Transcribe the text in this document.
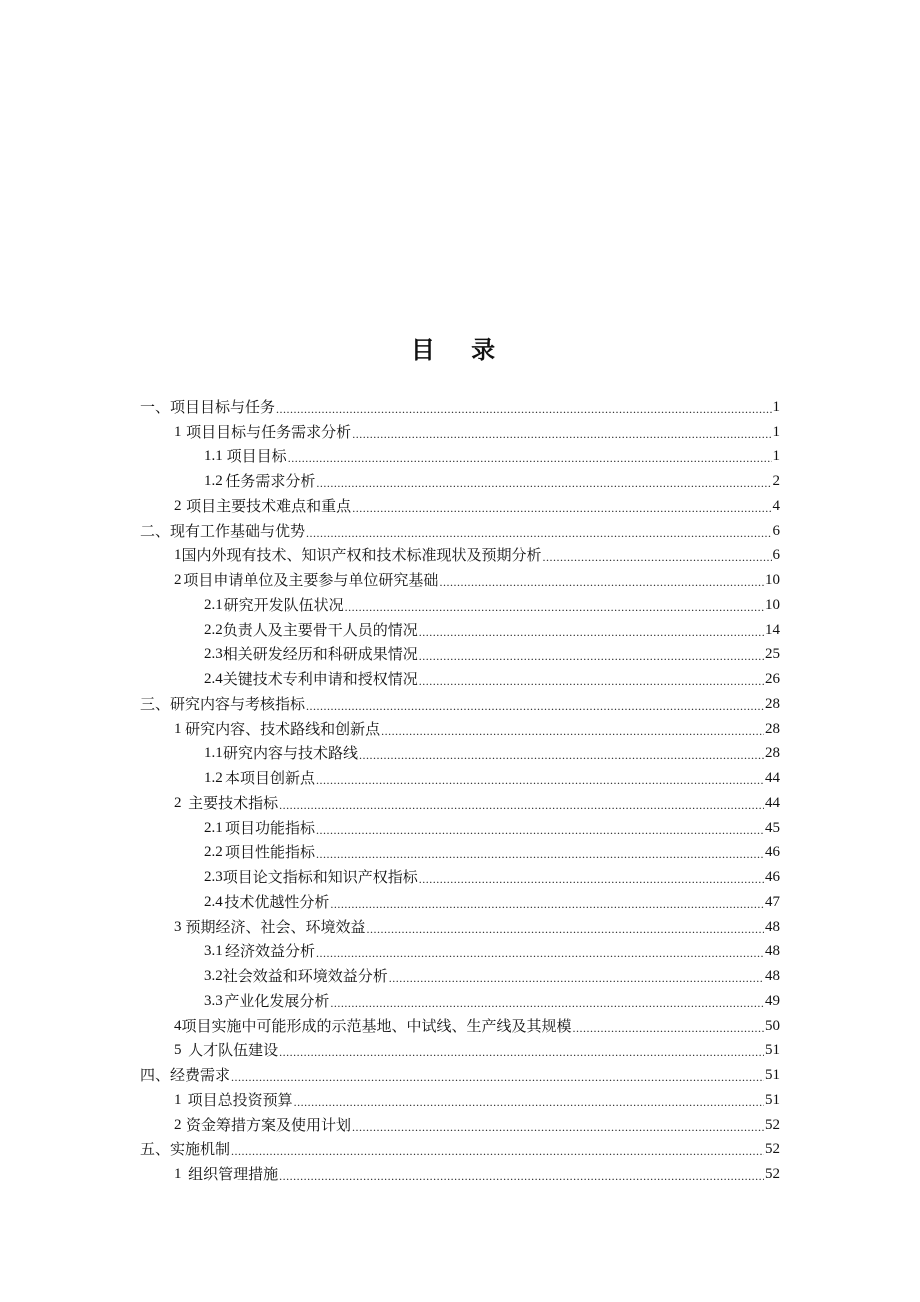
目 录
一、项目目标与任务 .....	1
1 项目目标与任务需求分析 .....	1
1.1 项目目标 .....	1
1.2 任务需求分析 .....	2
2 项目主要技术难点和重点 .....	4
二、现有工作基础与优势 .....	6
1 国内外现有技术、知识产权和技术标准现状及预期分析 .....	6
2 项目申请单位及主要参与单位研究基础 .....	10
2.1 研究开发队伍状况 .....	10
2.2 负责人及主要骨干人员的情况 .....	14
2.3 相关研发经历和科研成果情况 .....	25
2.4 关键技术专利申请和授权情况 .....	26
三、研究内容与考核指标 .....	28
1 研究内容、技术路线和创新点 .....	28
1.1 研究内容与技术路线 .....	28
1.2 本项目创新点 .....	44
2 主要技术指标 .....	44
2.1 项目功能指标 .....	45
2.2 项目性能指标 .....	46
2.3 项目论文指标和知识产权指标 .....	46
2.4 技术优越性分析 .....	47
3 预期经济、社会、环境效益 .....	48
3.1 经济效益分析 .....	48
3.2 社会效益和环境效益分析 .....	48
3.3 产业化发展分析 .....	49
4 项目实施中可能形成的示范基地、中试线、生产线及其规模 .....	50
5 人才队伍建设 .....	51
四、经费需求 .....	51
1 项目总投资预算 .....	51
2 资金筹措方案及使用计划 .....	52
五、实施机制 .....	52
1 组织管理措施 .....	52
